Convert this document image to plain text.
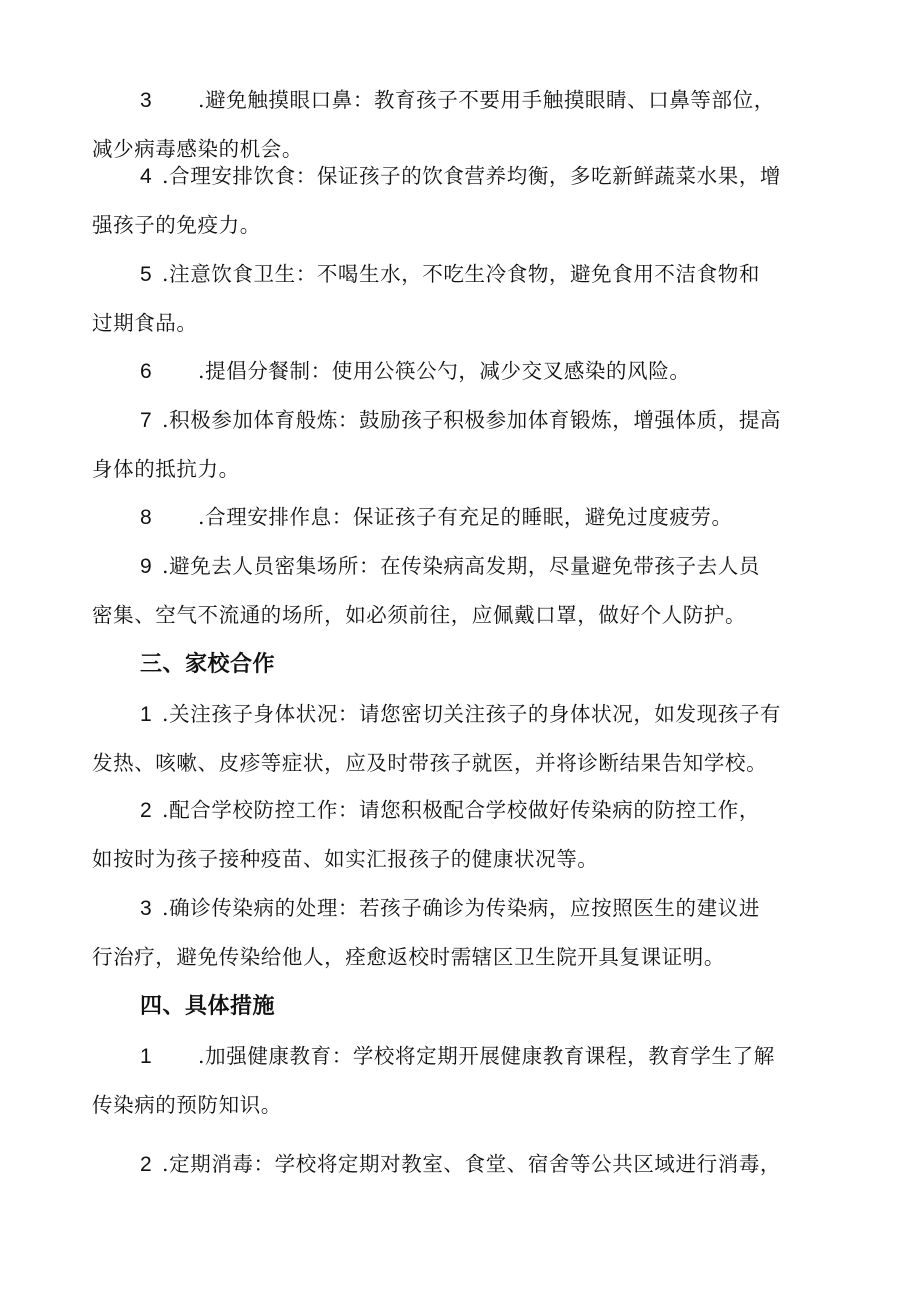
3 .避免触摸眼口鼻：教育孩子不要用手触摸眼睛、口鼻等部位，
减少病毒感染的机会。

4 .合理安排饮食：保证孩子的饮食营养均衡，多吃新鲜蔬菜水果，增
强孩子的免疫力。

5 .注意饮食卫生：不喝生水，不吃生冷食物，避免食用不洁食物和
过期食品。

6 .提倡分餐制：使用公筷公勺，减少交叉感染的风险。

7 .积极参加体育般炼：鼓励孩子积极参加体育锻炼，增强体质，提高
身体的抵抗力。

8 .合理安排作息：保证孩子有充足的睡眠，避免过度疲劳。

9 .避免去人员密集场所：在传染病高发期，尽量避免带孩子去人员
密集、空气不流通的场所，如必须前往，应佩戴口罩，做好个人防护。

三、家校合作

1 .关注孩子身体状况：请您密切关注孩子的身体状况，如发现孩子有
发热、咳嗽、皮疹等症状，应及时带孩子就医，并将诊断结果告知学校。

2 .配合学校防控工作：请您积极配合学校做好传染病的防控工作，
如按时为孩子接种疫苗、如实汇报孩子的健康状况等。

3 .确诊传染病的处理：若孩子确诊为传染病，应按照医生的建议进
行治疗，避免传染给他人，痊愈返校时需辖区卫生院开具复课证明。

四、具体措施

1 .加强健康教育：学校将定期开展健康教育课程，教育学生了解
传染病的预防知识。

2 .定期消毒：学校将定期对教室、食堂、宿舍等公共区域进行消毒，
